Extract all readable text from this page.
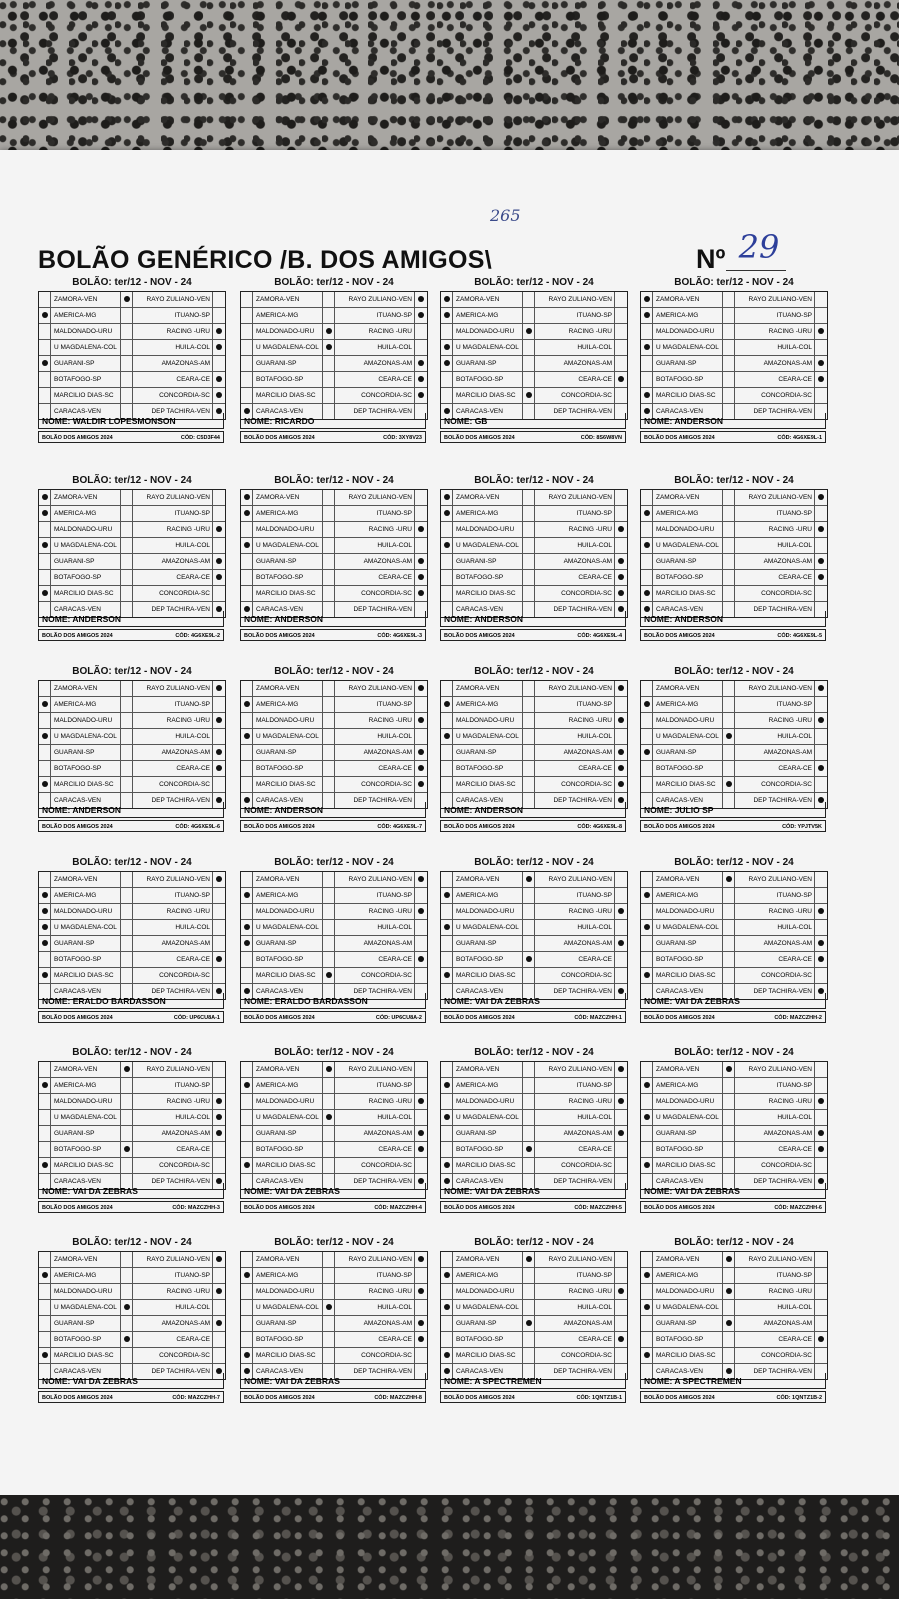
265
BOLÃO GENÉRICO /B. DOS AMIGOS\	Nº 29
BOLÃO: ter/12 - NOV - 24
ZAMORA-VEN	RAYO ZULIANO-VEN
AMERICA-MG	ITUANO-SP
MALDONADO-URU	RACING -URU
U MAGDALENA-COL	HUILA-COL
GUARANI-SP	AMAZONAS-AM
BOTAFOGO-SP	CEARA-CE
MARCILIO DIAS-SC	CONCORDIA-SC
CARACAS-VEN	DEP TACHIRA-VEN
NOME: WALDIR LOPESMONSON
BOLÃO DOS AMIGOS 2024	CÓD: C5D3F44
BOLÃO: ter/12 - NOV - 24
ZAMORA-VEN	RAYO ZULIANO-VEN
AMERICA-MG	ITUANO-SP
MALDONADO-URU	RACING -URU
U MAGDALENA-COL	HUILA-COL
GUARANI-SP	AMAZONAS-AM
BOTAFOGO-SP	CEARA-CE
MARCILIO DIAS-SC	CONCORDIA-SC
CARACAS-VEN	DEP TACHIRA-VEN
NOME: RICARDO
BOLÃO DOS AMIGOS 2024	CÓD: 3XY8V23
BOLÃO: ter/12 - NOV - 24
ZAMORA-VEN	RAYO ZULIANO-VEN
AMERICA-MG	ITUANO-SP
MALDONADO-URU	RACING -URU
U MAGDALENA-COL	HUILA-COL
GUARANI-SP	AMAZONAS-AM
BOTAFOGO-SP	CEARA-CE
MARCILIO DIAS-SC	CONCORDIA-SC
CARACAS-VEN	DEP TACHIRA-VEN
NOME: GB
BOLÃO DOS AMIGOS 2024	CÓD: 8S6W8VN
BOLÃO: ter/12 - NOV - 24
ZAMORA-VEN	RAYO ZULIANO-VEN
AMERICA-MG	ITUANO-SP
MALDONADO-URU	RACING -URU
U MAGDALENA-COL	HUILA-COL
GUARANI-SP	AMAZONAS-AM
BOTAFOGO-SP	CEARA-CE
MARCILIO DIAS-SC	CONCORDIA-SC
CARACAS-VEN	DEP TACHIRA-VEN
NOME: ANDERSON
BOLÃO DOS AMIGOS 2024	CÓD: 4G6XE9L-1
BOLÃO: ter/12 - NOV - 24
ZAMORA-VEN	RAYO ZULIANO-VEN
AMERICA-MG	ITUANO-SP
MALDONADO-URU	RACING -URU
U MAGDALENA-COL	HUILA-COL
GUARANI-SP	AMAZONAS-AM
BOTAFOGO-SP	CEARA-CE
MARCILIO DIAS-SC	CONCORDIA-SC
CARACAS-VEN	DEP TACHIRA-VEN
NOME: ANDERSON
BOLÃO DOS AMIGOS 2024	CÓD: 4G6XE9L-2
BOLÃO: ter/12 - NOV - 24
ZAMORA-VEN	RAYO ZULIANO-VEN
AMERICA-MG	ITUANO-SP
MALDONADO-URU	RACING -URU
U MAGDALENA-COL	HUILA-COL
GUARANI-SP	AMAZONAS-AM
BOTAFOGO-SP	CEARA-CE
MARCILIO DIAS-SC	CONCORDIA-SC
CARACAS-VEN	DEP TACHIRA-VEN
NOME: ANDERSON
BOLÃO DOS AMIGOS 2024	CÓD: 4G6XE9L-3
BOLÃO: ter/12 - NOV - 24
ZAMORA-VEN	RAYO ZULIANO-VEN
AMERICA-MG	ITUANO-SP
MALDONADO-URU	RACING -URU
U MAGDALENA-COL	HUILA-COL
GUARANI-SP	AMAZONAS-AM
BOTAFOGO-SP	CEARA-CE
MARCILIO DIAS-SC	CONCORDIA-SC
CARACAS-VEN	DEP TACHIRA-VEN
NOME: ANDERSON
BOLÃO DOS AMIGOS 2024	CÓD: 4G6XE9L-4
BOLÃO: ter/12 - NOV - 24
ZAMORA-VEN	RAYO ZULIANO-VEN
AMERICA-MG	ITUANO-SP
MALDONADO-URU	RACING -URU
U MAGDALENA-COL	HUILA-COL
GUARANI-SP	AMAZONAS-AM
BOTAFOGO-SP	CEARA-CE
MARCILIO DIAS-SC	CONCORDIA-SC
CARACAS-VEN	DEP TACHIRA-VEN
NOME: ANDERSON
BOLÃO DOS AMIGOS 2024	CÓD: 4G6XE9L-5
BOLÃO: ter/12 - NOV - 24
ZAMORA-VEN	RAYO ZULIANO-VEN
AMERICA-MG	ITUANO-SP
MALDONADO-URU	RACING -URU
U MAGDALENA-COL	HUILA-COL
GUARANI-SP	AMAZONAS-AM
BOTAFOGO-SP	CEARA-CE
MARCILIO DIAS-SC	CONCORDIA-SC
CARACAS-VEN	DEP TACHIRA-VEN
NOME: ANDERSON
BOLÃO DOS AMIGOS 2024	CÓD: 4G6XE9L-6
BOLÃO: ter/12 - NOV - 24
ZAMORA-VEN	RAYO ZULIANO-VEN
AMERICA-MG	ITUANO-SP
MALDONADO-URU	RACING -URU
U MAGDALENA-COL	HUILA-COL
GUARANI-SP	AMAZONAS-AM
BOTAFOGO-SP	CEARA-CE
MARCILIO DIAS-SC	CONCORDIA-SC
CARACAS-VEN	DEP TACHIRA-VEN
NOME: ANDERSON
BOLÃO DOS AMIGOS 2024	CÓD: 4G6XE9L-7
BOLÃO: ter/12 - NOV - 24
ZAMORA-VEN	RAYO ZULIANO-VEN
AMERICA-MG	ITUANO-SP
MALDONADO-URU	RACING -URU
U MAGDALENA-COL	HUILA-COL
GUARANI-SP	AMAZONAS-AM
BOTAFOGO-SP	CEARA-CE
MARCILIO DIAS-SC	CONCORDIA-SC
CARACAS-VEN	DEP TACHIRA-VEN
NOME: ANDERSON
BOLÃO DOS AMIGOS 2024	CÓD: 4G6XE9L-8
BOLÃO: ter/12 - NOV - 24
ZAMORA-VEN	RAYO ZULIANO-VEN
AMERICA-MG	ITUANO-SP
MALDONADO-URU	RACING -URU
U MAGDALENA-COL	HUILA-COL
GUARANI-SP	AMAZONAS-AM
BOTAFOGO-SP	CEARA-CE
MARCILIO DIAS-SC	CONCORDIA-SC
CARACAS-VEN	DEP TACHIRA-VEN
NOME: JULIO SP
BOLÃO DOS AMIGOS 2024	CÓD: YPJTV5K
BOLÃO: ter/12 - NOV - 24
ZAMORA-VEN	RAYO ZULIANO-VEN
AMERICA-MG	ITUANO-SP
MALDONADO-URU	RACING -URU
U MAGDALENA-COL	HUILA-COL
GUARANI-SP	AMAZONAS-AM
BOTAFOGO-SP	CEARA-CE
MARCILIO DIAS-SC	CONCORDIA-SC
CARACAS-VEN	DEP TACHIRA-VEN
NOME: ERALDO BARDASSON
BOLÃO DOS AMIGOS 2024	CÓD: UP6CU8A-1
BOLÃO: ter/12 - NOV - 24
ZAMORA-VEN	RAYO ZULIANO-VEN
AMERICA-MG	ITUANO-SP
MALDONADO-URU	RACING -URU
U MAGDALENA-COL	HUILA-COL
GUARANI-SP	AMAZONAS-AM
BOTAFOGO-SP	CEARA-CE
MARCILIO DIAS-SC	CONCORDIA-SC
CARACAS-VEN	DEP TACHIRA-VEN
NOME: ERALDO BARDASSON
BOLÃO DOS AMIGOS 2024	CÓD: UP6CU8A-2
BOLÃO: ter/12 - NOV - 24
ZAMORA-VEN	RAYO ZULIANO-VEN
AMERICA-MG	ITUANO-SP
MALDONADO-URU	RACING -URU
U MAGDALENA-COL	HUILA-COL
GUARANI-SP	AMAZONAS-AM
BOTAFOGO-SP	CEARA-CE
MARCILIO DIAS-SC	CONCORDIA-SC
CARACAS-VEN	DEP TACHIRA-VEN
NOME: VAI DA ZEBRAS
BOLÃO DOS AMIGOS 2024	CÓD: MAZCZHH-1
BOLÃO: ter/12 - NOV - 24
ZAMORA-VEN	RAYO ZULIANO-VEN
AMERICA-MG	ITUANO-SP
MALDONADO-URU	RACING -URU
U MAGDALENA-COL	HUILA-COL
GUARANI-SP	AMAZONAS-AM
BOTAFOGO-SP	CEARA-CE
MARCILIO DIAS-SC	CONCORDIA-SC
CARACAS-VEN	DEP TACHIRA-VEN
NOME: VAI DA ZEBRAS
BOLÃO DOS AMIGOS 2024	CÓD: MAZCZHH-2
BOLÃO: ter/12 - NOV - 24
ZAMORA-VEN	RAYO ZULIANO-VEN
AMERICA-MG	ITUANO-SP
MALDONADO-URU	RACING -URU
U MAGDALENA-COL	HUILA-COL
GUARANI-SP	AMAZONAS-AM
BOTAFOGO-SP	CEARA-CE
MARCILIO DIAS-SC	CONCORDIA-SC
CARACAS-VEN	DEP TACHIRA-VEN
NOME: VAI DA ZEBRAS
BOLÃO DOS AMIGOS 2024	CÓD: MAZCZHH-3
BOLÃO: ter/12 - NOV - 24
ZAMORA-VEN	RAYO ZULIANO-VEN
AMERICA-MG	ITUANO-SP
MALDONADO-URU	RACING -URU
U MAGDALENA-COL	HUILA-COL
GUARANI-SP	AMAZONAS-AM
BOTAFOGO-SP	CEARA-CE
MARCILIO DIAS-SC	CONCORDIA-SC
CARACAS-VEN	DEP TACHIRA-VEN
NOME: VAI DA ZEBRAS
BOLÃO DOS AMIGOS 2024	CÓD: MAZCZHH-4
BOLÃO: ter/12 - NOV - 24
ZAMORA-VEN	RAYO ZULIANO-VEN
AMERICA-MG	ITUANO-SP
MALDONADO-URU	RACING -URU
U MAGDALENA-COL	HUILA-COL
GUARANI-SP	AMAZONAS-AM
BOTAFOGO-SP	CEARA-CE
MARCILIO DIAS-SC	CONCORDIA-SC
CARACAS-VEN	DEP TACHIRA-VEN
NOME: VAI DA ZEBRAS
BOLÃO DOS AMIGOS 2024	CÓD: MAZCZHH-5
BOLÃO: ter/12 - NOV - 24
ZAMORA-VEN	RAYO ZULIANO-VEN
AMERICA-MG	ITUANO-SP
MALDONADO-URU	RACING -URU
U MAGDALENA-COL	HUILA-COL
GUARANI-SP	AMAZONAS-AM
BOTAFOGO-SP	CEARA-CE
MARCILIO DIAS-SC	CONCORDIA-SC
CARACAS-VEN	DEP TACHIRA-VEN
NOME: VAI DA ZEBRAS
BOLÃO DOS AMIGOS 2024	CÓD: MAZCZHH-6
BOLÃO: ter/12 - NOV - 24
ZAMORA-VEN	RAYO ZULIANO-VEN
AMERICA-MG	ITUANO-SP
MALDONADO-URU	RACING -URU
U MAGDALENA-COL	HUILA-COL
GUARANI-SP	AMAZONAS-AM
BOTAFOGO-SP	CEARA-CE
MARCILIO DIAS-SC	CONCORDIA-SC
CARACAS-VEN	DEP TACHIRA-VEN
NOME: VAI DA ZEBRAS
BOLÃO DOS AMIGOS 2024	CÓD: MAZCZHH-7
BOLÃO: ter/12 - NOV - 24
ZAMORA-VEN	RAYO ZULIANO-VEN
AMERICA-MG	ITUANO-SP
MALDONADO-URU	RACING -URU
U MAGDALENA-COL	HUILA-COL
GUARANI-SP	AMAZONAS-AM
BOTAFOGO-SP	CEARA-CE
MARCILIO DIAS-SC	CONCORDIA-SC
CARACAS-VEN	DEP TACHIRA-VEN
NOME: VAI DA ZEBRAS
BOLÃO DOS AMIGOS 2024	CÓD: MAZCZHH-8
BOLÃO: ter/12 - NOV - 24
ZAMORA-VEN	RAYO ZULIANO-VEN
AMERICA-MG	ITUANO-SP
MALDONADO-URU	RACING -URU
U MAGDALENA-COL	HUILA-COL
GUARANI-SP	AMAZONAS-AM
BOTAFOGO-SP	CEARA-CE
MARCILIO DIAS-SC	CONCORDIA-SC
CARACAS-VEN	DEP TACHIRA-VEN
NOME: A SPECTREMEN
BOLÃO DOS AMIGOS 2024	CÓD: 1QNTZ1B-1
BOLÃO: ter/12 - NOV - 24
ZAMORA-VEN	RAYO ZULIANO-VEN
AMERICA-MG	ITUANO-SP
MALDONADO-URU	RACING -URU
U MAGDALENA-COL	HUILA-COL
GUARANI-SP	AMAZONAS-AM
BOTAFOGO-SP	CEARA-CE
MARCILIO DIAS-SC	CONCORDIA-SC
CARACAS-VEN	DEP TACHIRA-VEN
NOME: A SPECTREMEN
BOLÃO DOS AMIGOS 2024	CÓD: 1QNTZ1B-2
